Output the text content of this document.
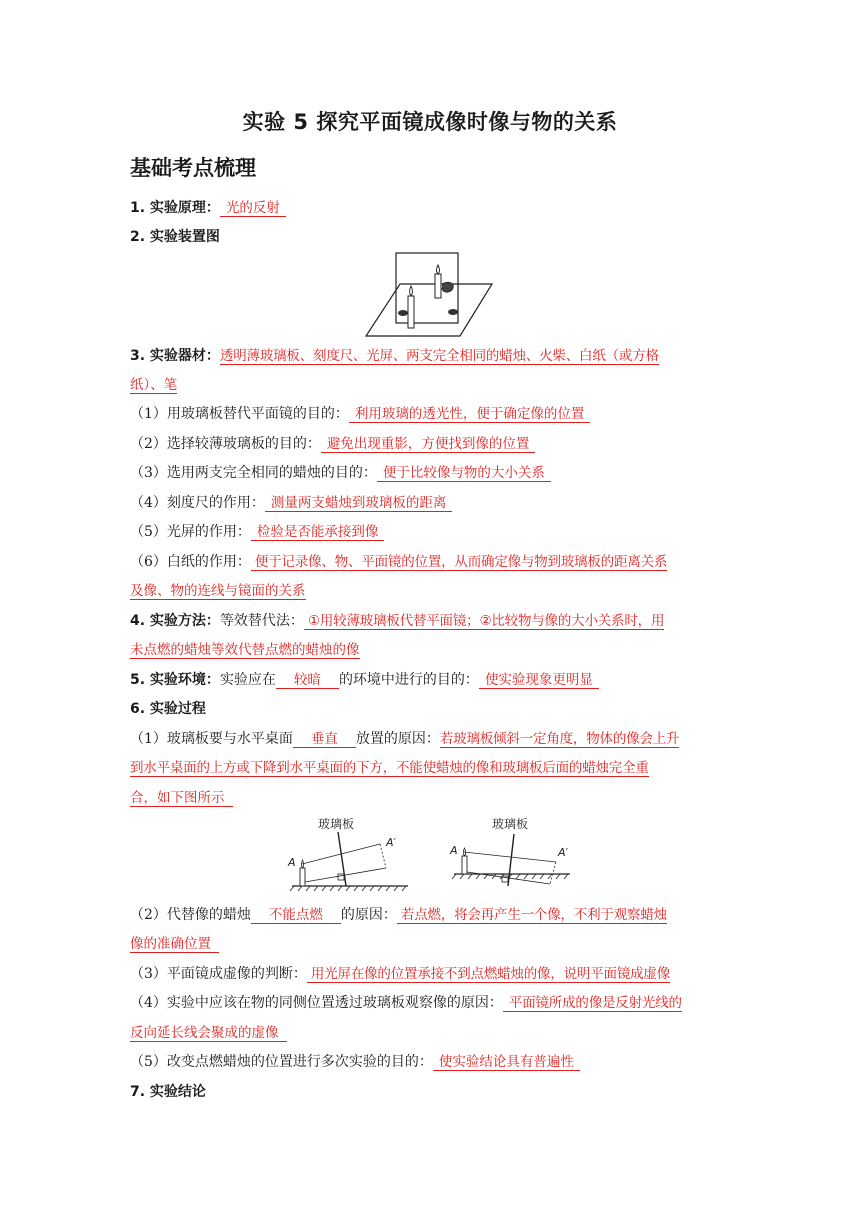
实验 5 探究平面镜成像时像与物的关系
基础考点梳理
1. 实验原理： 光的反射
2. 实验装置图
3. 实验器材：透明薄玻璃板、刻度尺、光屏、两支完全相同的蜡烛、火柴、白纸（或方格
纸）、笔
（1）用玻璃板替代平面镜的目的： 利用玻璃的透光性，便于确定像的位置
（2）选择较薄玻璃板的目的： 避免出现重影，方便找到像的位置
（3）选用两支完全相同的蜡烛的目的： 便于比较像与物的大小关系
（4）刻度尺的作用： 测量两支蜡烛到玻璃板的距离
（5）光屏的作用： 检验是否能承接到像
（6）白纸的作用： 便于记录像、物、平面镜的位置，从而确定像与物到玻璃板的距离关系
及像、物的连线与镜面的关系
4. 实验方法：等效替代法： ①用较薄玻璃板代替平面镜；②比较物与像的大小关系时，用
未点燃的蜡烛等效代替点燃的蜡烛的像
5. 实验环境：实验应在 较暗 的环境中进行的目的： 使实验现象更明显
6. 实验过程
（1）玻璃板要与水平桌面 垂直 放置的原因：若玻璃板倾斜一定角度，物体的像会上升
到水平桌面的上方或下降到水平桌面的下方，不能使蜡烛的像和玻璃板后面的蜡烛完全重
合，如下图所示
玻璃板
A
A′
玻璃板
A	A′
（2）代替像的蜡烛 不能点燃 的原因： 若点燃，将会再产生一个像，不利于观察蜡烛
像的准确位置
（3）平面镜成虚像的判断： 用光屏在像的位置承接不到点燃蜡烛的像，说明平面镜成虚像
（4）实验中应该在物的同侧位置透过玻璃板观察像的原因： 平面镜所成的像是反射光线的
反向延长线会聚成的虚像
（5）改变点燃蜡烛的位置进行多次实验的目的： 使实验结论具有普遍性
7. 实验结论
